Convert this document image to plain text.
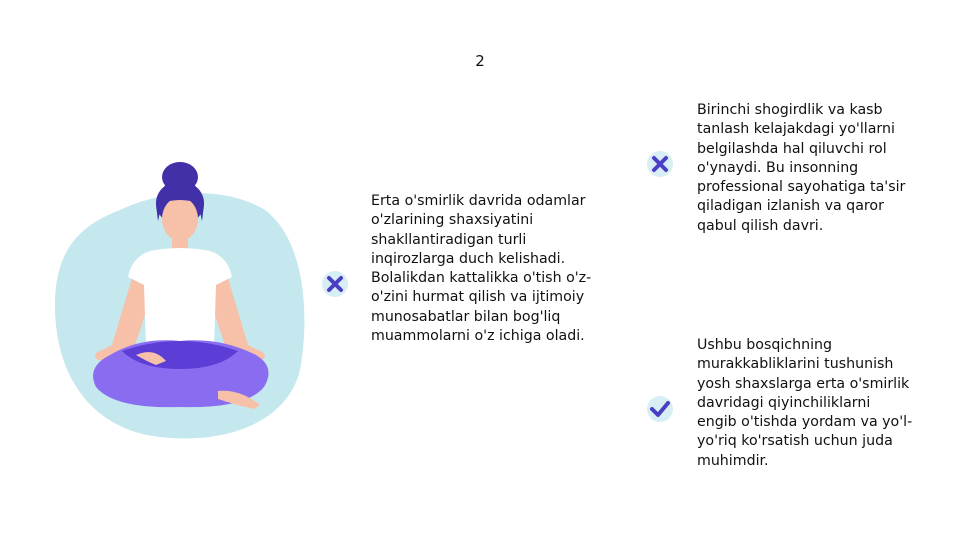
2

Erta o'smirlik davrida odamlar
o'zlarining shaxsiyatini
shakllantiradigan turli
inqirozlarga duch kelishadi.
Bolalikdan kattalikka o'tish o'z-
o'zini hurmat qilish va ijtimoiy
munosabatlar bilan bog'liq
muammolarni o'z ichiga oladi.

Birinchi shogirdlik va kasb
tanlash kelajakdagi yo'llarni
belgilashda hal qiluvchi rol
o'ynaydi. Bu insonning
professional sayohatiga ta'sir
qiladigan izlanish va qaror
qabul qilish davri.

Ushbu bosqichning
murakkabliklarini tushunish
yosh shaxslarga erta o'smirlik
davridagi qiyinchiliklarni
engib o'tishda yordam va yo'l-
yo'riq ko'rsatish uchun juda
muhimdir.
